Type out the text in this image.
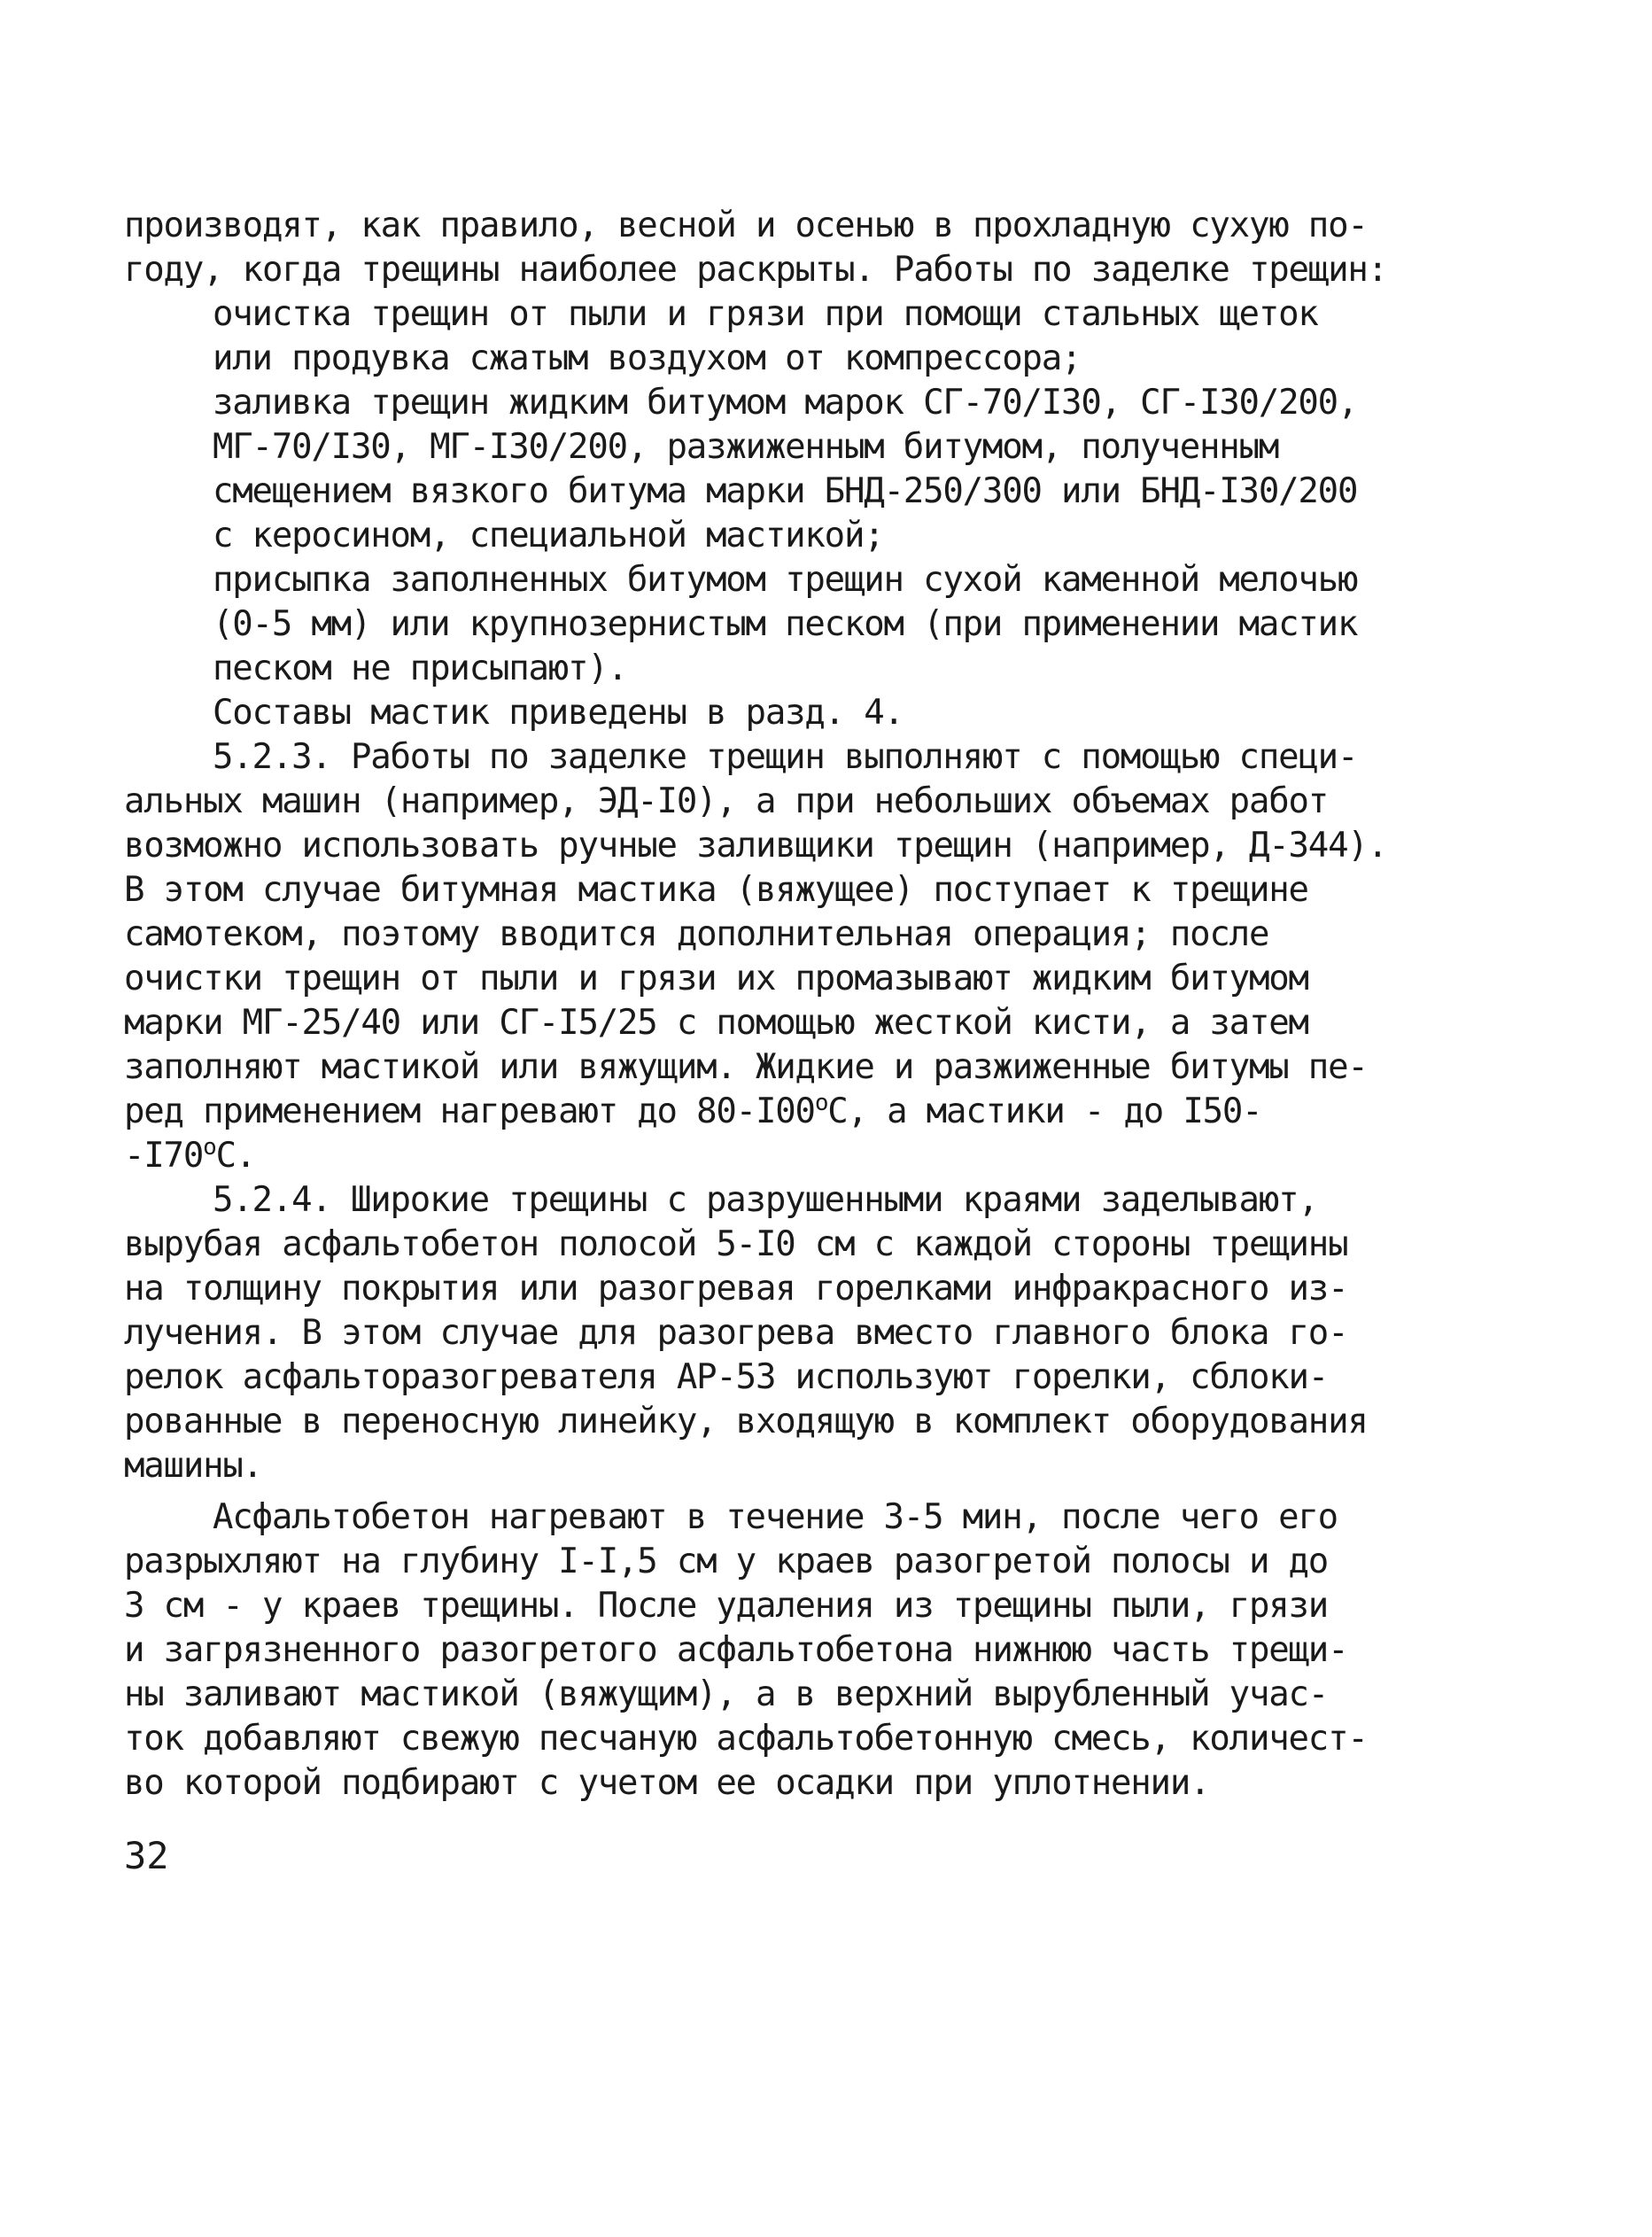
производят, как правило, весной и осенью в прохладную сухую по-
году, когда трещины наиболее раскрыты. Работы по заделке трещин:
очистка трещин от пыли и грязи при помощи стальных щеток
или продувка сжатым воздухом от компрессора;
заливка трещин жидким битумом марок СГ-70/I30, СГ-I30/200,
МГ-70/I30, МГ-I30/200, разжиженным битумом, полученным
смещением вязкого битума марки БНД-250/300 или БНД-I30/200
с керосином, специальной мастикой;
присыпка заполненных битумом трещин сухой каменной мелочью
(0-5 мм) или крупнозернистым песком (при применении мастик
песком не присыпают).
Составы мастик приведены в разд. 4.
5.2.3. Работы по заделке трещин выполняют с помощью специ-
альных машин (например, ЭД-I0), а при небольших объемах работ
возможно использовать ручные заливщики трещин (например, Д-344).
В этом случае битумная мастика (вяжущее) поступает к трещине
самотеком, поэтому вводится дополнительная операция; после
очистки трещин от пыли и грязи их промазывают жидким битумом
марки МГ-25/40 или СГ-I5/25 с помощью жесткой кисти, а затем
заполняют мастикой или вяжущим. Жидкие и разжиженные битумы пе-
ред применением нагревают до $80-I00^оС$, а мастики - до I50-
$-I70^оС$.
5.2.4. Широкие трещины с разрушенными краями заделывают,
вырубая асфальтобетон полосой 5-I0 см с каждой стороны трещины
на толщину покрытия или разогревая горелками инфракрасного из-
лучения. В этом случае для разогрева вместо главного блока го-
релок асфальторазогревателя АР-53 используют горелки, сблоки-
рованные в переносную линейку, входящую в комплект оборудования
машины.
Асфальтобетон нагревают в течение 3-5 мин, после чего его
разрыхляют на глубину I-I,5 см у краев разогретой полосы и до
3 см - у краев трещины. После удаления из трещины пыли, грязи
и загрязненного разогретого асфальтобетона нижнюю часть трещи-
ны заливают мастикой (вяжущим), а в верхний вырубленный учас-
ток добавляют свежую песчаную асфальтобетонную смесь, количест-
во которой подбирают с учетом ее осадки при уплотнении.
32
